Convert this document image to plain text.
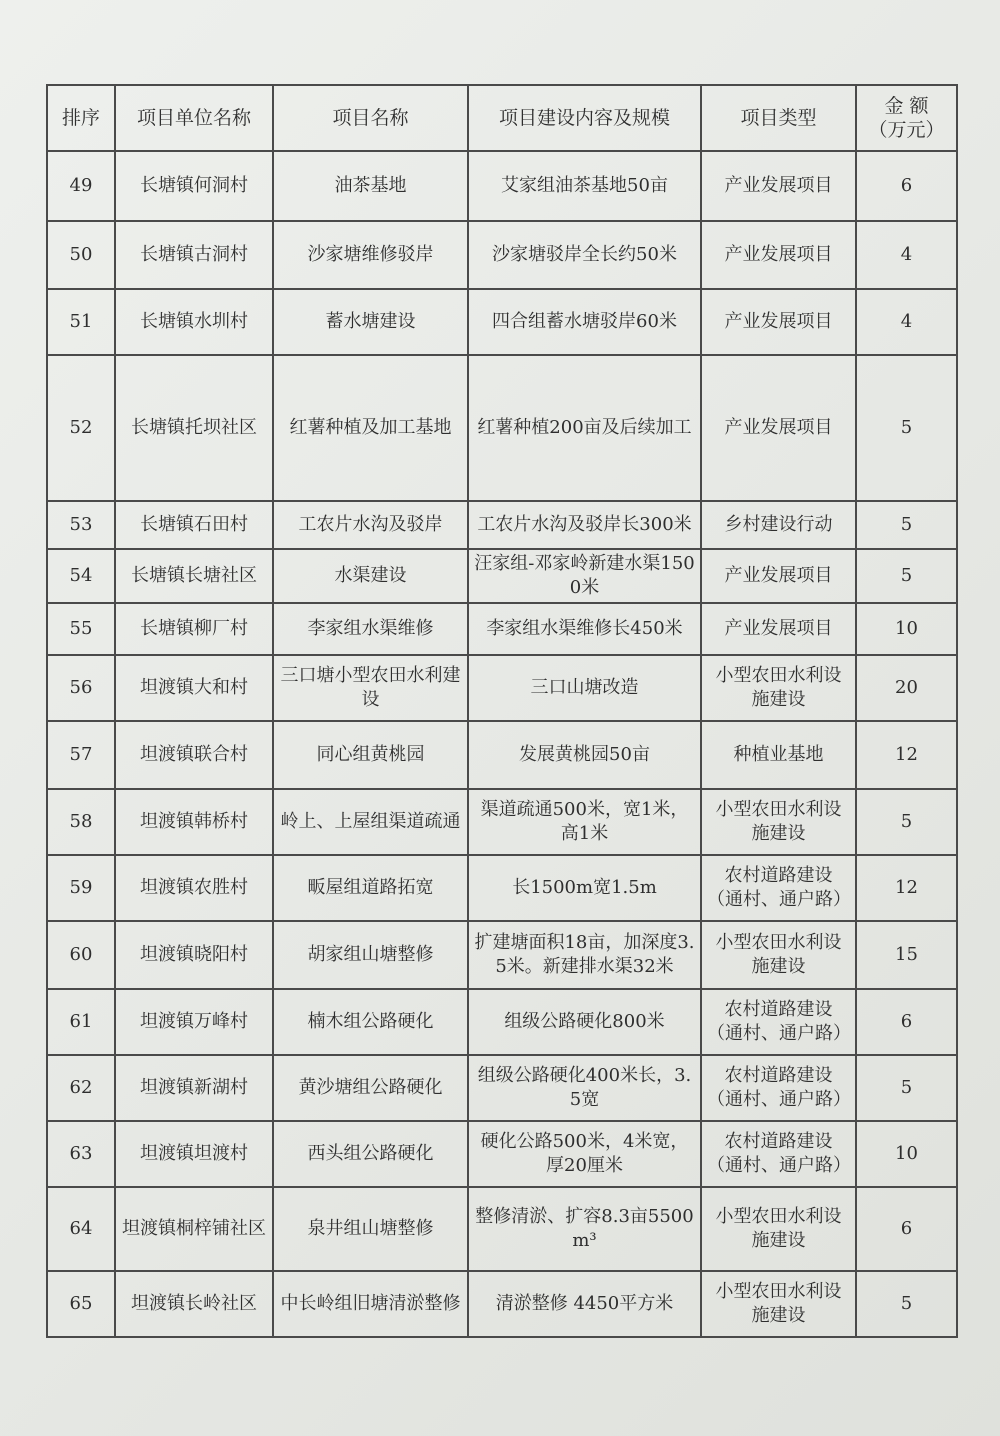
排序	项目单位名称	项目名称	项目建设内容及规模	项目类型	金 额
（万元）
49	长塘镇何洞村	油茶基地	艾家组油茶基地50亩	产业发展项目	6
50	长塘镇古洞村	沙家塘维修驳岸	沙家塘驳岸全长约50米	产业发展项目	4
51	长塘镇水圳村	蓄水塘建设	四合组蓄水塘驳岸60米	产业发展项目	4
52	长塘镇托坝社区	红薯种植及加工基地	红薯种植200亩及后续加工	产业发展项目	5
53	长塘镇石田村	工农片水沟及驳岸	工农片水沟及驳岸长300米	乡村建设行动	5
54	长塘镇长塘社区	水渠建设	汪家组-邓家岭新建水渠1500米	产业发展项目	5
55	长塘镇柳厂村	李家组水渠维修	李家组水渠维修长450米	产业发展项目	10
56	坦渡镇大和村	三口塘小型农田水利建设	三口山塘改造	小型农田水利设施建设	20
57	坦渡镇联合村	同心组黄桃园	发展黄桃园50亩	种植业基地	12
58	坦渡镇韩桥村	岭上、上屋组渠道疏通	渠道疏通500米，宽1米，高1米	小型农田水利设施建设	5
59	坦渡镇农胜村	畈屋组道路拓宽	长1500m宽1.5m	农村道路建设（通村、通户路）	12
60	坦渡镇晓阳村	胡家组山塘整修	扩建塘面积18亩，加深度3.5米。新建排水渠32米	小型农田水利设施建设	15
61	坦渡镇万峰村	楠木组公路硬化	组级公路硬化800米	农村道路建设（通村、通户路）	6
62	坦渡镇新湖村	黄沙塘组公路硬化	组级公路硬化400米长，3.5宽	农村道路建设（通村、通户路）	5
63	坦渡镇坦渡村	西头组公路硬化	硬化公路500米，4米宽，厚20厘米	农村道路建设（通村、通户路）	10
64	坦渡镇桐梓铺社区	泉井组山塘整修	整修清淤、扩容8.3亩5500m³	小型农田水利设施建设	6
65	坦渡镇长岭社区	中长岭组旧塘清淤整修	清淤整修 4450平方米	小型农田水利设施建设	5
